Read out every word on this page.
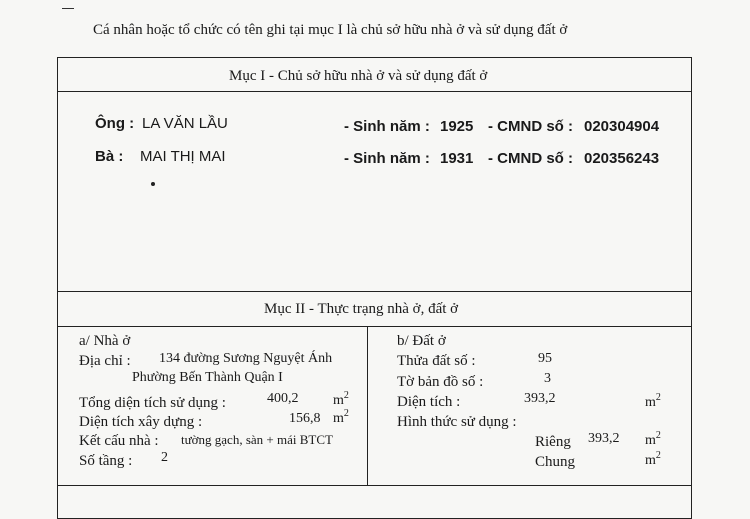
Cá nhân hoặc tổ chức có tên ghi tại mục I là chủ sở hữu nhà ở và sử dụng đất ở
Mục I - Chủ sở hữu nhà ở và sử dụng đất ở
Ông : LA VĂN LẦU	- Sinh năm : 1925 - CMND số : 020304904
Bà : MAI THỊ MAI	- Sinh năm : 1931 - CMND số : 020356243
Mục II - Thực trạng nhà ở, đất ở
a/ Nhà ở
Địa chỉ : 134 đường Sương Nguyệt Ánh
Phường Bến Thành Quận I
Tổng diện tích sử dụng :	400,2 $m^2$
Diện tích xây dựng :	156,8 $m^2$
Kết cấu nhà : tường gạch, sàn + mái BTCT
Số tầng : 2
b/ Đất ở
Thửa đất số :	95
Tờ bản đồ số :	3
Diện tích :	393,2	$m^2$
Hình thức sử dụng :
Riêng 393,2 $m^2$
Chung	$m^2$
